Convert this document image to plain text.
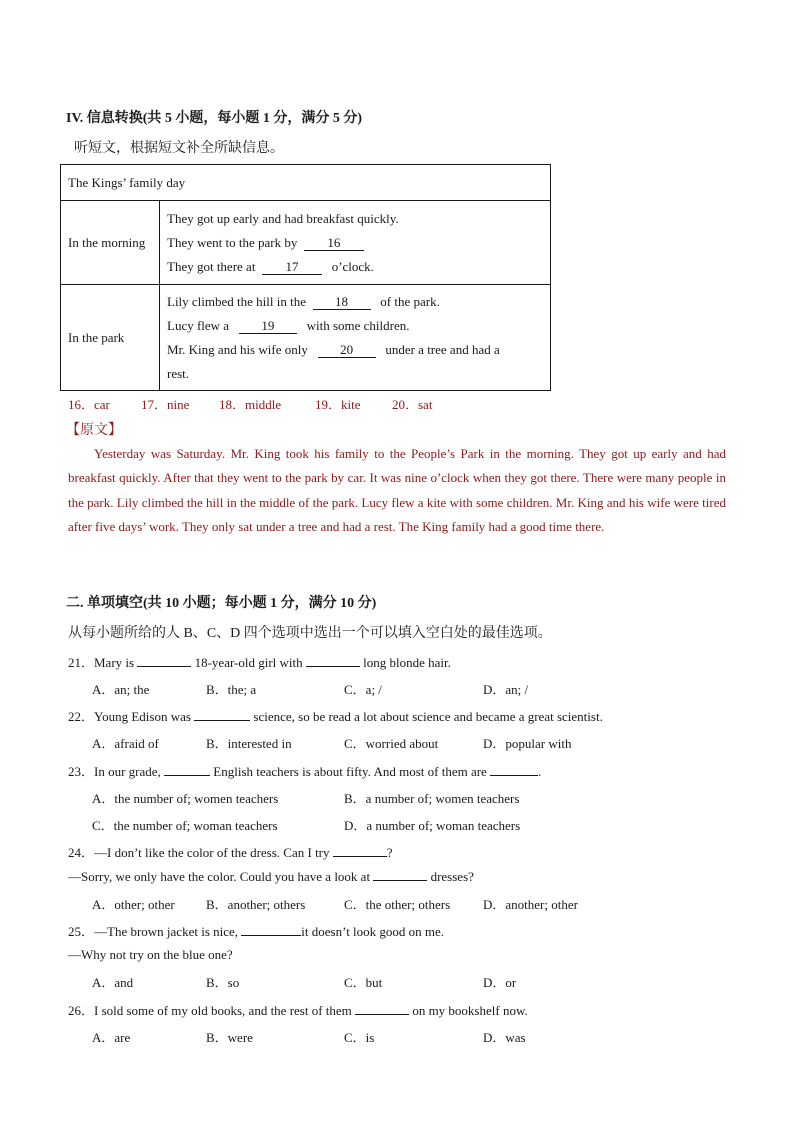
IV. 信息转换(共 5 小题，每小题 1 分，满分 5 分)
听短文，根据短文补全所缺信息。
The Kings’ family day	
In the morning	They got up early and had breakfast quickly.
They went to the park by 16
They got there at 17 o’clock.

In the park	Lily climbed the hill in the 18 of the park.
Lucy flew a 19 with some children.
Mr. King and his wife only 20 under a tree and had a
rest.
16．car 17．nine 18．middle	19．kite 20．sat
【原文】
Yesterday was Saturday. Mr. King took his family to the People’s Park in the morning. They got up early and had breakfast quickly. After that they went to the park by car. It was nine o’clock when they got there. There were many people in the park. Lily climbed the hill in the middle of the park. Lucy flew a kite with some children. Mr. King and his wife were tired after five days’ work. They only sat under a tree and had a rest. The King family had a good time there.
二. 单项填空(共 10 小题；每小题 1 分，满分 10 分)
从每小题所给的人 B、C、D 四个选项中选出一个可以填入空白处的最佳选项。
21．Mary is	18-year-old girl with	long blonde hair.
A．an; the	B．the; a	C．a; /	D．an; /
22．Young Edison was	science, so be read a lot about science and became a great scientist.
A．afraid of	B．interested in	C．worried about	D．popular with
23．In our grade,	English teachers is about fifty. And most of them are	.
A．the number of; women teachers	B．a number of; women teachers
C．the number of; woman teachers	D．a number of; woman teachers
24．—I don’t like the color of the dress. Can I try	?
—Sorry, we only have the color. Could you have a look at	dresses?
A．other; other B．another; others	C．the other; others	D．another; other
25．—The brown jacket is nice,	it doesn’t look good on me.
—Why not try on the blue one?
A．and	B．so	C．but	D．or
26．I sold some of my old books, and the rest of them	on my bookshelf now.
A．are	B．were	C．is	D．was
